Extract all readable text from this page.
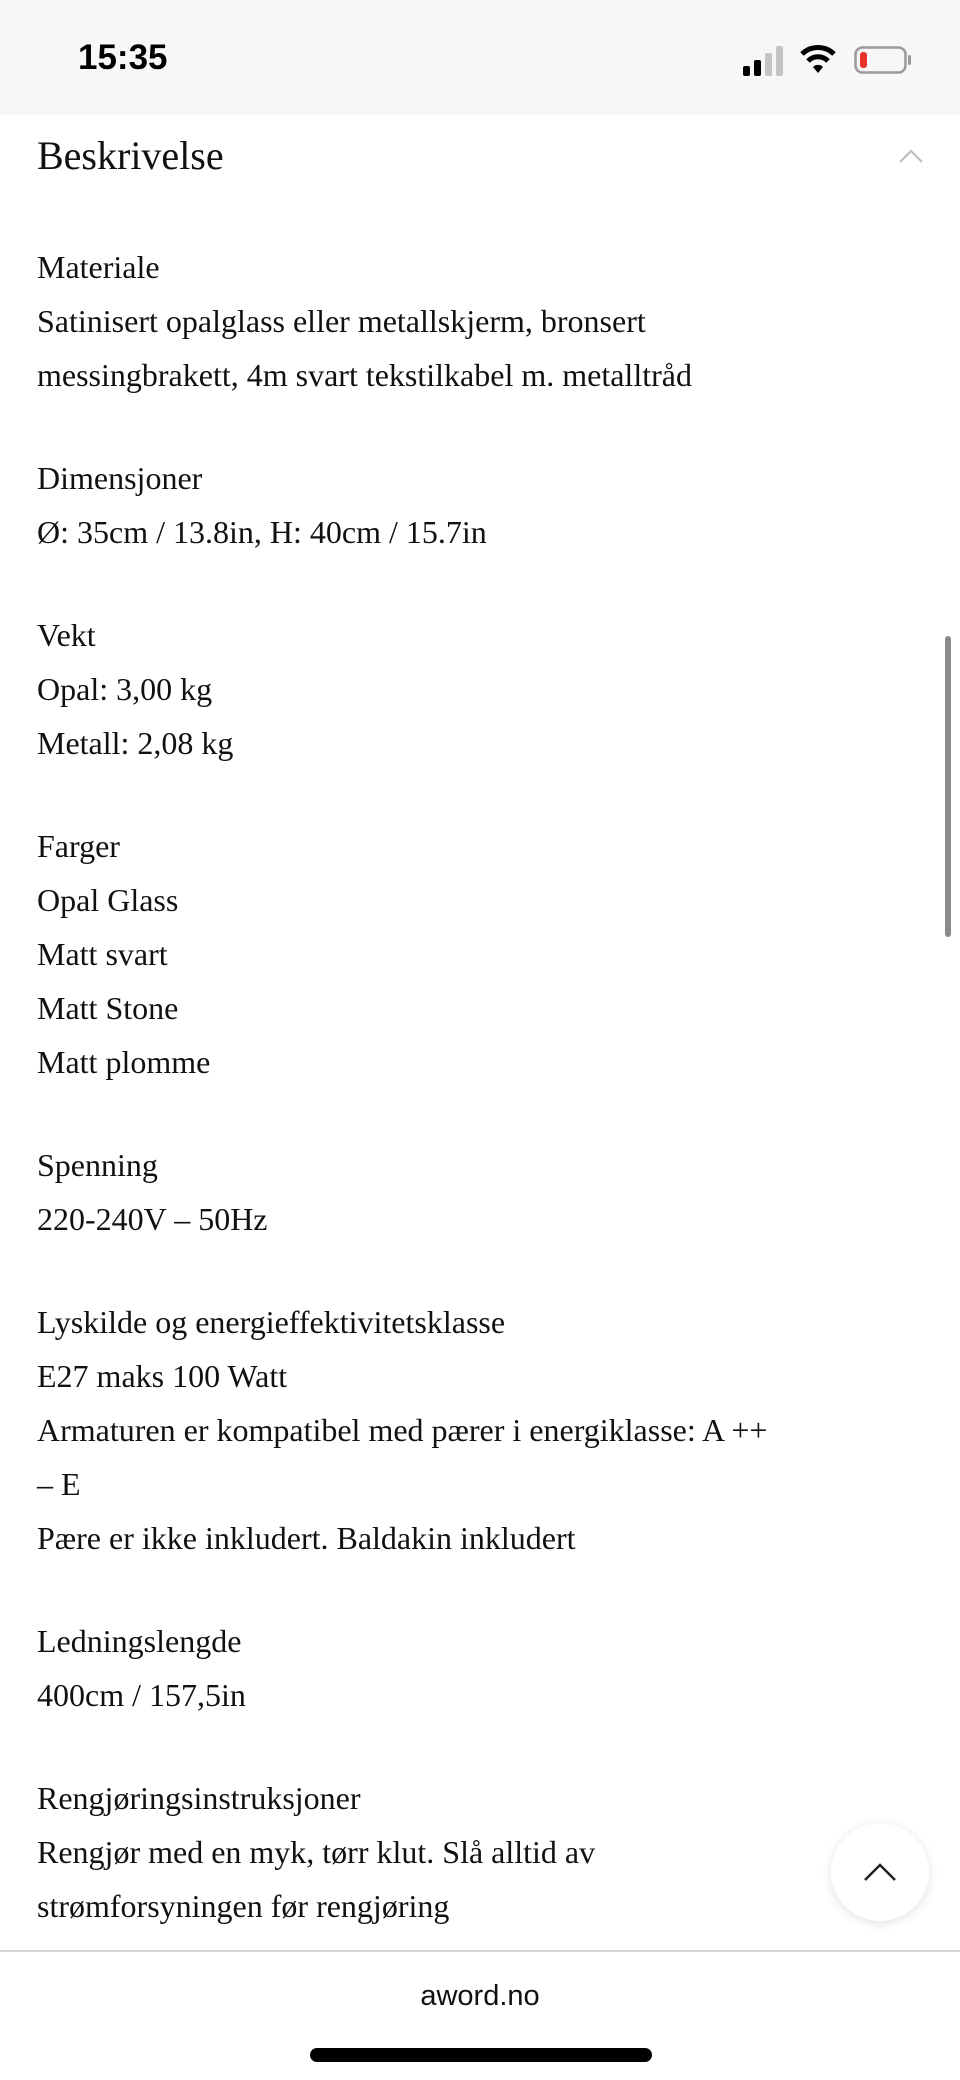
15:35
Beskrivelse
Materiale
Satinisert opalglass eller metallskjerm, bronsert
messingbrakett, 4m svart tekstilkabel m. metalltråd
Dimensjoner
Ø: 35cm / 13.8in, H: 40cm / 15.7in
Vekt
Opal: 3,00 kg
Metall: 2,08 kg
Farger
Opal Glass
Matt svart
Matt Stone
Matt plomme
Spenning
220-240V – 50Hz
Lyskilde og energieffektivitetsklasse
E27 maks 100 Watt
Armaturen er kompatibel med pærer i energiklasse: A ++
– E
Pære er ikke inkludert. Baldakin inkludert
Ledningslengde
400cm / 157,5in
Rengjøringsinstruksjoner
Rengjør med en myk, tørr klut. Slå alltid av
strømforsyningen før rengjøring
aword.no
